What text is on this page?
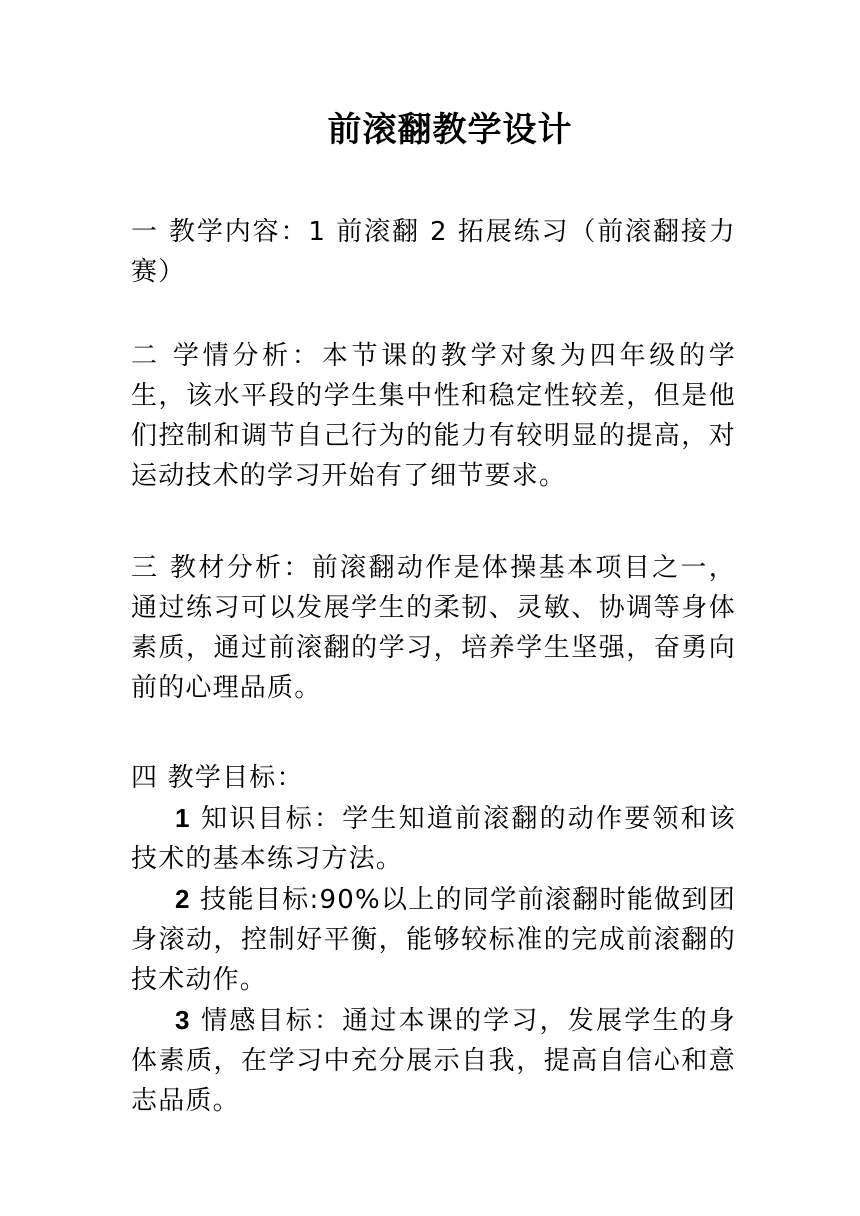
前滚翻教学设计

一 教学内容：1 前滚翻 2 拓展练习（前滚翻接力赛）

二 学情分析：本节课的教学对象为四年级的学生，该水平段的学生集中性和稳定性较差，但是他们控制和调节自己行为的能力有较明显的提高，对运动技术的学习开始有了细节要求。

三 教材分析：前滚翻动作是体操基本项目之一，通过练习可以发展学生的柔韧、灵敏、协调等身体素质，通过前滚翻的学习，培养学生坚强，奋勇向前的心理品质。

四 教学目标：

1 知识目标：学生知道前滚翻的动作要领和该技术的基本练习方法。

2 技能目标:90%以上的同学前滚翻时能做到团身滚动，控制好平衡，能够较标准的完成前滚翻的技术动作。

3 情感目标：通过本课的学习，发展学生的身体素质，在学习中充分展示自我，提高自信心和意志品质。
